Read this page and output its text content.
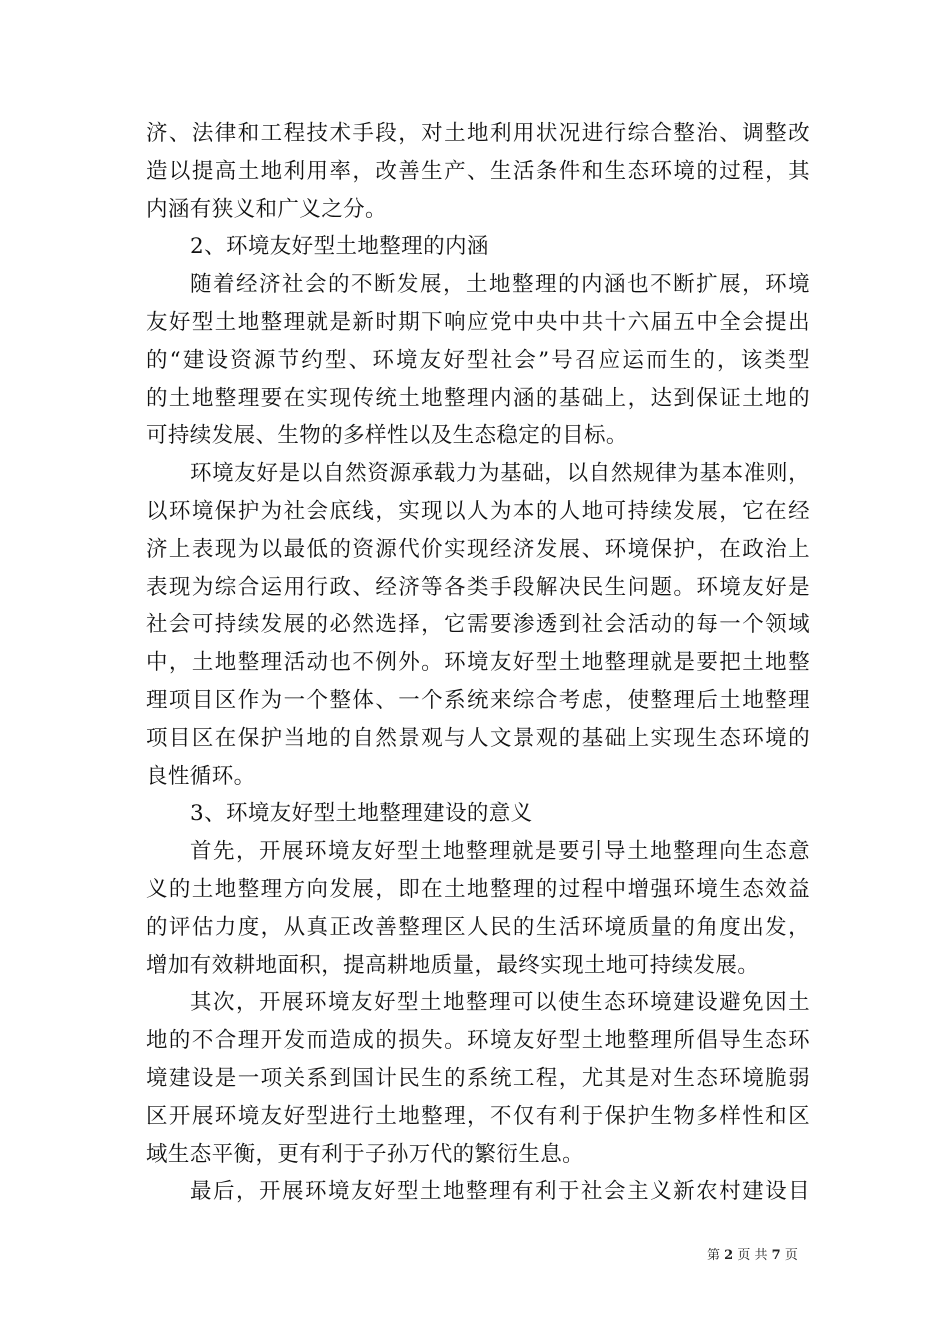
济、法律和工程技术手段，对土地利用状况进行综合整治、调整改
造以提高土地利用率，改善生产、生活条件和生态环境的过程，其
内涵有狭义和广义之分。
2、环境友好型土地整理的内涵
随着经济社会的不断发展，土地整理的内涵也不断扩展，环境
友好型土地整理就是新时期下响应党中央中共十六届五中全会提出
的“建设资源节约型、环境友好型社会”号召应运而生的，该类型
的土地整理要在实现传统土地整理内涵的基础上，达到保证土地的
可持续发展、生物的多样性以及生态稳定的目标。
环境友好是以自然资源承载力为基础，以自然规律为基本准则，
以环境保护为社会底线，实现以人为本的人地可持续发展，它在经
济上表现为以最低的资源代价实现经济发展、环境保护，在政治上
表现为综合运用行政、经济等各类手段解决民生问题。环境友好是
社会可持续发展的必然选择，它需要渗透到社会活动的每一个领域
中，土地整理活动也不例外。环境友好型土地整理就是要把土地整
理项目区作为一个整体、一个系统来综合考虑，使整理后土地整理
项目区在保护当地的自然景观与人文景观的基础上实现生态环境的
良性循环。
3、环境友好型土地整理建设的意义
首先，开展环境友好型土地整理就是要引导土地整理向生态意
义的土地整理方向发展，即在土地整理的过程中增强环境生态效益
的评估力度，从真正改善整理区人民的生活环境质量的角度出发，
增加有效耕地面积，提高耕地质量，最终实现土地可持续发展。
其次，开展环境友好型土地整理可以使生态环境建设避免因土
地的不合理开发而造成的损失。环境友好型土地整理所倡导生态环
境建设是一项关系到国计民生的系统工程，尤其是对生态环境脆弱
区开展环境友好型进行土地整理，不仅有利于保护生物多样性和区
域生态平衡，更有利于子孙万代的繁衍生息。
最后，开展环境友好型土地整理有利于社会主义新农村建设目
第 2 页 共 7 页
